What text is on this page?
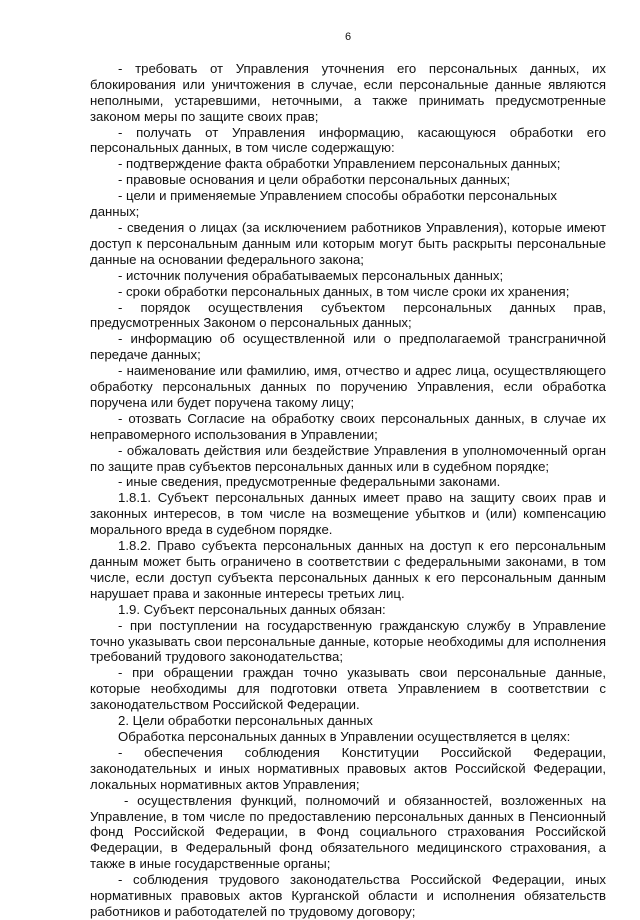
6

- требовать от Управления уточнения его персональных данных, их блокирования или уничтожения в случае, если персональные данные являются неполными, устаревшими, неточными, а также принимать предусмотренные законом меры по защите своих прав;

- получать от Управления информацию, касающуюся обработки его персональных данных, в том числе содержащую:

- подтверждение факта обработки Управлением персональных данных;

- правовые основания и цели обработки персональных данных;

- цели и применяемые Управлением способы обработки персональных данных;

- сведения о лицах (за исключением работников Управления), которые имеют доступ к персональным данным или которым могут быть раскрыты персональные данные на основании федерального закона;

- источник получения обрабатываемых персональных данных;

- сроки обработки персональных данных, в том числе сроки их хранения;

- порядок осуществления субъектом персональных данных прав, предусмотренных Законом о персональных данных;

- информацию об осуществленной или о предполагаемой трансграничной передаче данных;

- наименование или фамилию, имя, отчество и адрес лица, осуществляющего обработку персональных данных по поручению Управления, если обработка поручена или будет поручена такому лицу;

- отозвать Согласие на обработку своих персональных данных, в случае их неправомерного использования в Управлении;

- обжаловать действия или бездействие Управления в уполномоченный орган по защите прав субъектов персональных данных или в судебном порядке;

- иные сведения, предусмотренные федеральными законами.

1.8.1. Субъект персональных данных имеет право на защиту своих прав и законных интересов, в том числе на возмещение убытков и (или) компенсацию морального вреда в судебном порядке.

1.8.2. Право субъекта персональных данных на доступ к его персональным данным может быть ограничено в соответствии с федеральными законами, в том числе, если доступ субъекта персональных данных к его персональным данным нарушает права и законные интересы третьих лиц.

1.9. Субъект персональных данных обязан:

- при поступлении на государственную гражданскую службу в Управление точно указывать свои персональные данные, которые необходимы для исполнения требований трудового законодательства;

- при обращении граждан точно указывать свои персональные данные, которые необходимы для подготовки ответа Управлением в соответствии с законодательством Российской Федерации.

2. Цели обработки персональных данных

Обработка персональных данных в Управлении осуществляется в целях:

- обеспечения соблюдения Конституции Российской Федерации, законодательных и иных нормативных правовых актов Российской Федерации, локальных нормативных актов Управления;

- осуществления функций, полномочий и обязанностей, возложенных на Управление, в том числе по предоставлению персональных данных в Пенсионный фонд Российской Федерации, в Фонд социального страхования Российской Федерации, в Федеральный фонд обязательного медицинского страхования, а также в иные государственные органы;

- соблюдения трудового законодательства Российской Федерации, иных нормативных правовых актов Курганской области и исполнения обязательств работников и работодателей по трудовому договору;
